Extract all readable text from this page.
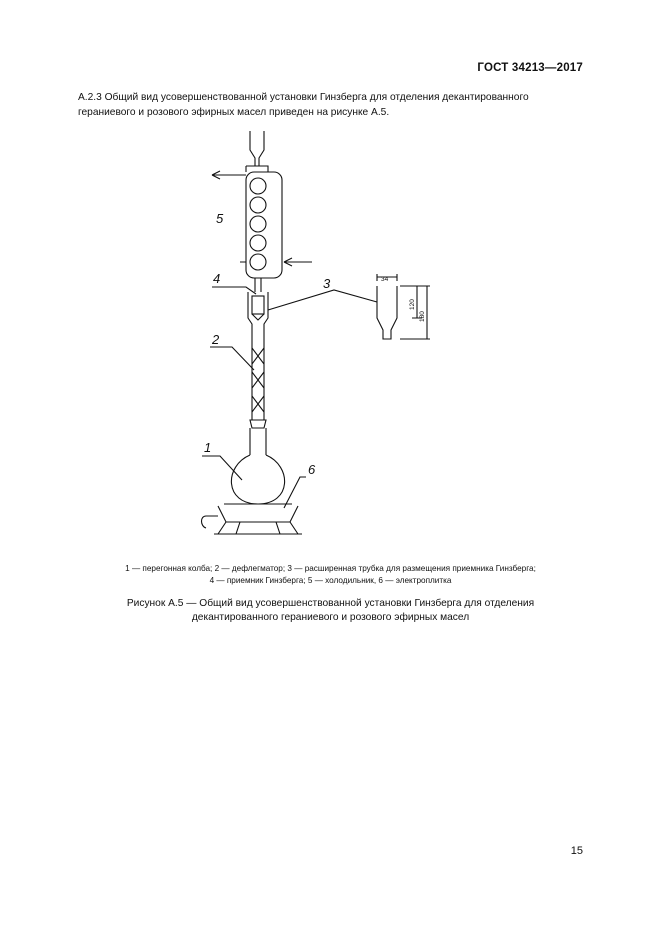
ГОСТ 34213—2017
А.2.3 Общий вид усовершенствованной установки Гинзберга для отделения декантированного гераниевого и розового эфирных масел приведен на рисунке А.5.
5
4	3
2
1
6
34
120
180
1 — перегонная колба; 2 — дефлегматор; 3 — расширенная трубка для размещения приемника Гинзберга;
4 — приемник Гинзберга; 5 — холодильник, 6 — электроплитка
Рисунок А.5 — Общий вид усовершенствованной установки Гинзберга для отделения
декантированного гераниевого и розового эфирных масел
15
